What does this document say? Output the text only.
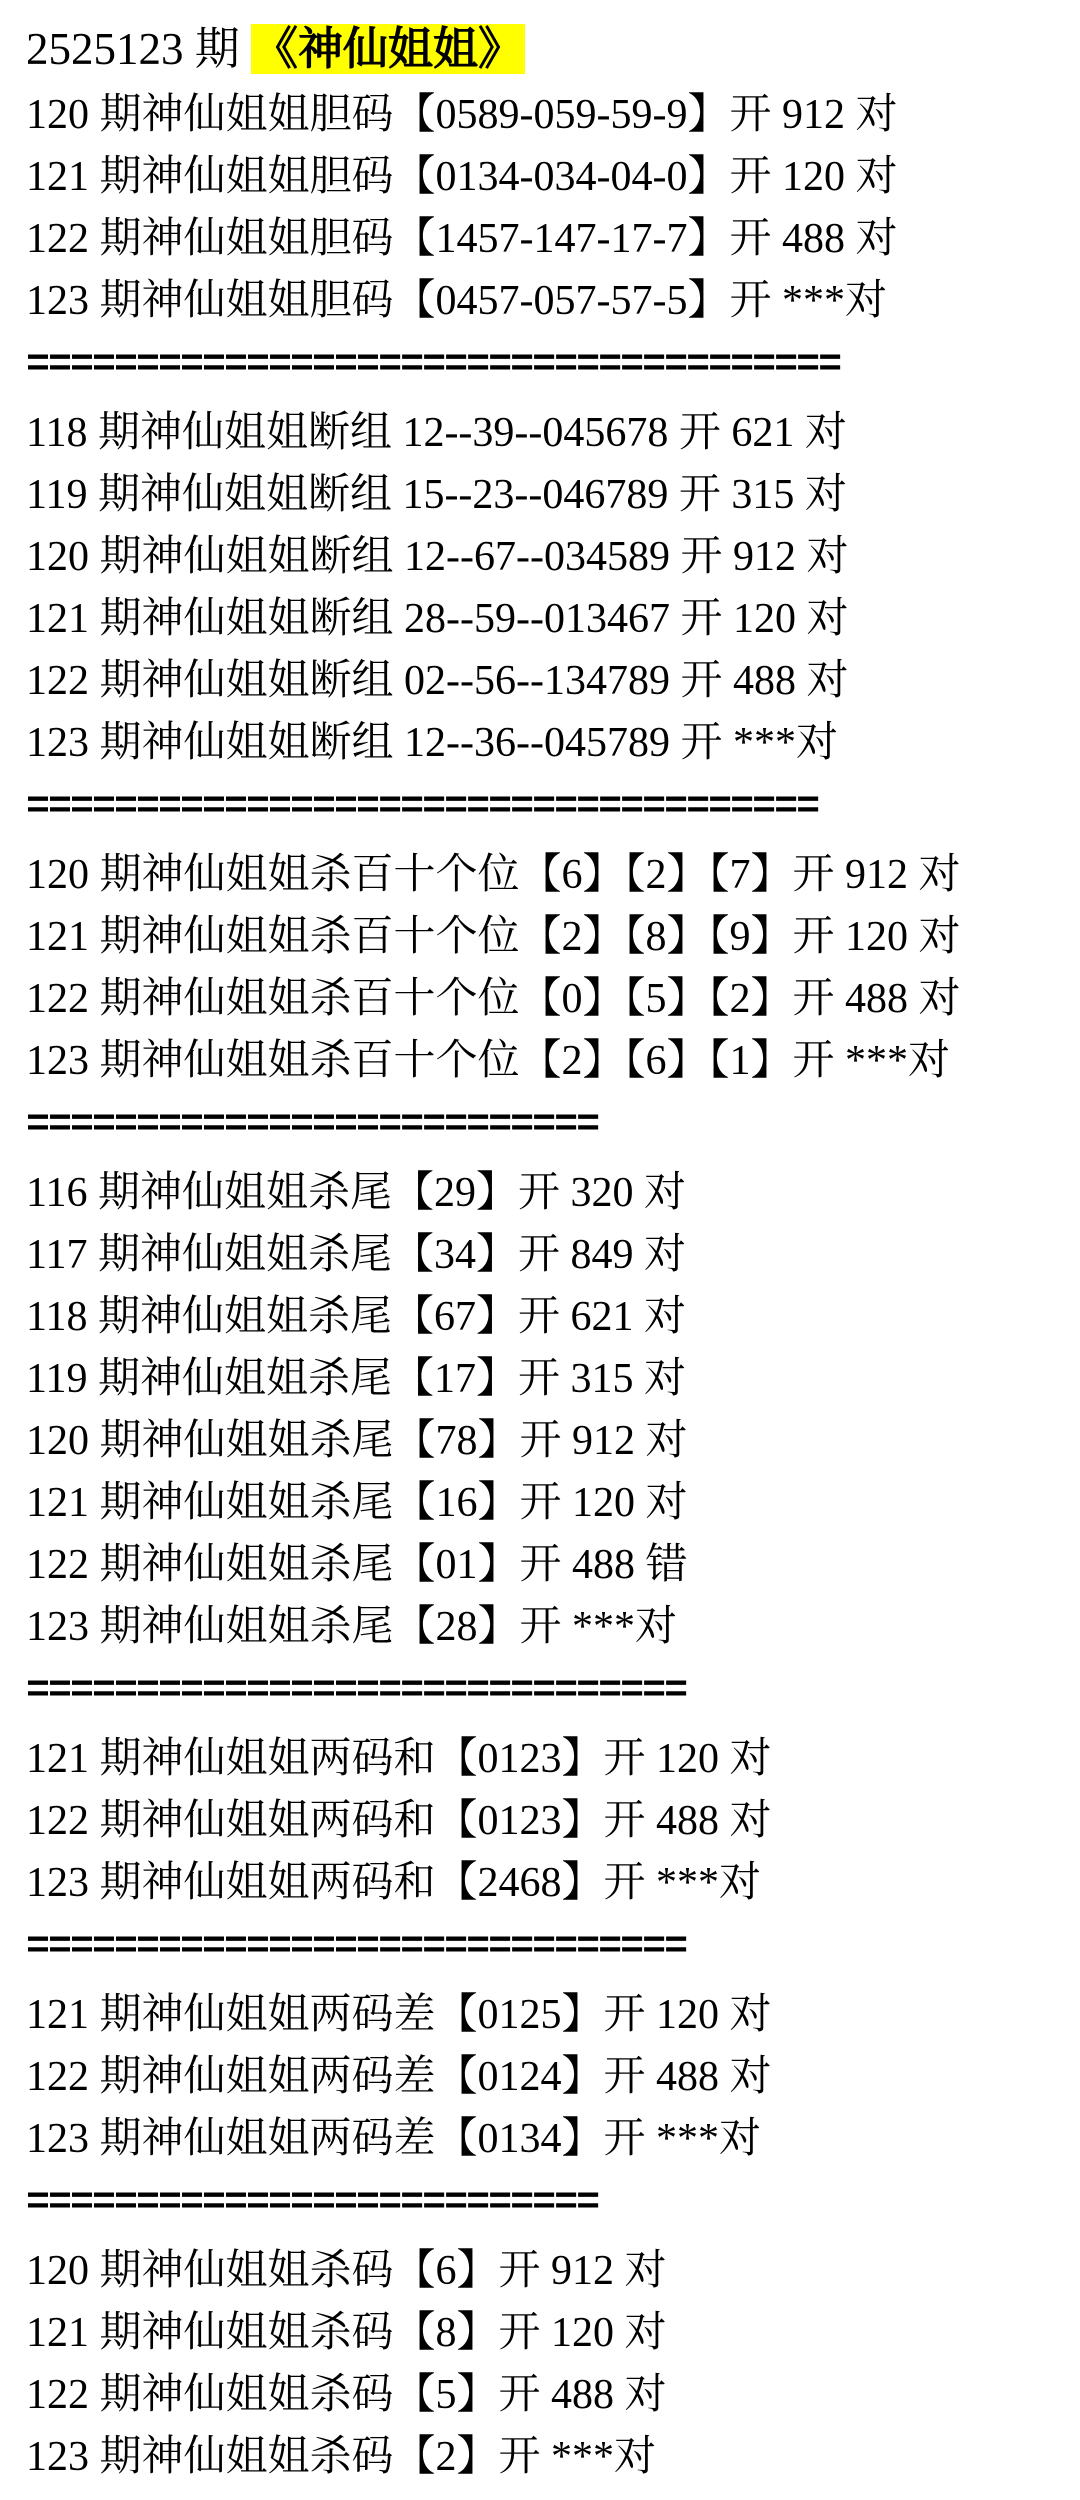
2525123 期 《神仙姐姐》
120 期神仙姐姐胆码【0589-059-59-9】开 912 对
121 期神仙姐姐胆码【0134-034-04-0】开 120 对
122 期神仙姐姐胆码【1457-147-17-7】开 488 对
123 期神仙姐姐胆码【0457-057-57-5】开 ***对
=====================================
118 期神仙姐姐断组 12--39--045678 开 621 对
119 期神仙姐姐断组 15--23--046789 开 315 对
120 期神仙姐姐断组 12--67--034589 开 912 对
121 期神仙姐姐断组 28--59--013467 开 120 对
122 期神仙姐姐断组 02--56--134789 开 488 对
123 期神仙姐姐断组 12--36--045789 开 ***对
====================================
120 期神仙姐姐杀百十个位【6】【2】【7】开 912 对
121 期神仙姐姐杀百十个位【2】【8】【9】开 120 对
122 期神仙姐姐杀百十个位【0】【5】【2】开 488 对
123 期神仙姐姐杀百十个位【2】【6】【1】开 ***对
==========================
116 期神仙姐姐杀尾【29】开 320 对
117 期神仙姐姐杀尾【34】开 849 对
118 期神仙姐姐杀尾【67】开 621 对
119 期神仙姐姐杀尾【17】开 315 对
120 期神仙姐姐杀尾【78】开 912 对
121 期神仙姐姐杀尾【16】开 120 对
122 期神仙姐姐杀尾【01】开 488 错
123 期神仙姐姐杀尾【28】开 ***对
==============================
121 期神仙姐姐两码和【0123】开 120 对
122 期神仙姐姐两码和【0123】开 488 对
123 期神仙姐姐两码和【2468】开 ***对
==============================
121 期神仙姐姐两码差【0125】开 120 对
122 期神仙姐姐两码差【0124】开 488 对
123 期神仙姐姐两码差【0134】开 ***对
==========================
120 期神仙姐姐杀码【6】开 912 对
121 期神仙姐姐杀码【8】开 120 对
122 期神仙姐姐杀码【5】开 488 对
123 期神仙姐姐杀码【2】开 ***对
